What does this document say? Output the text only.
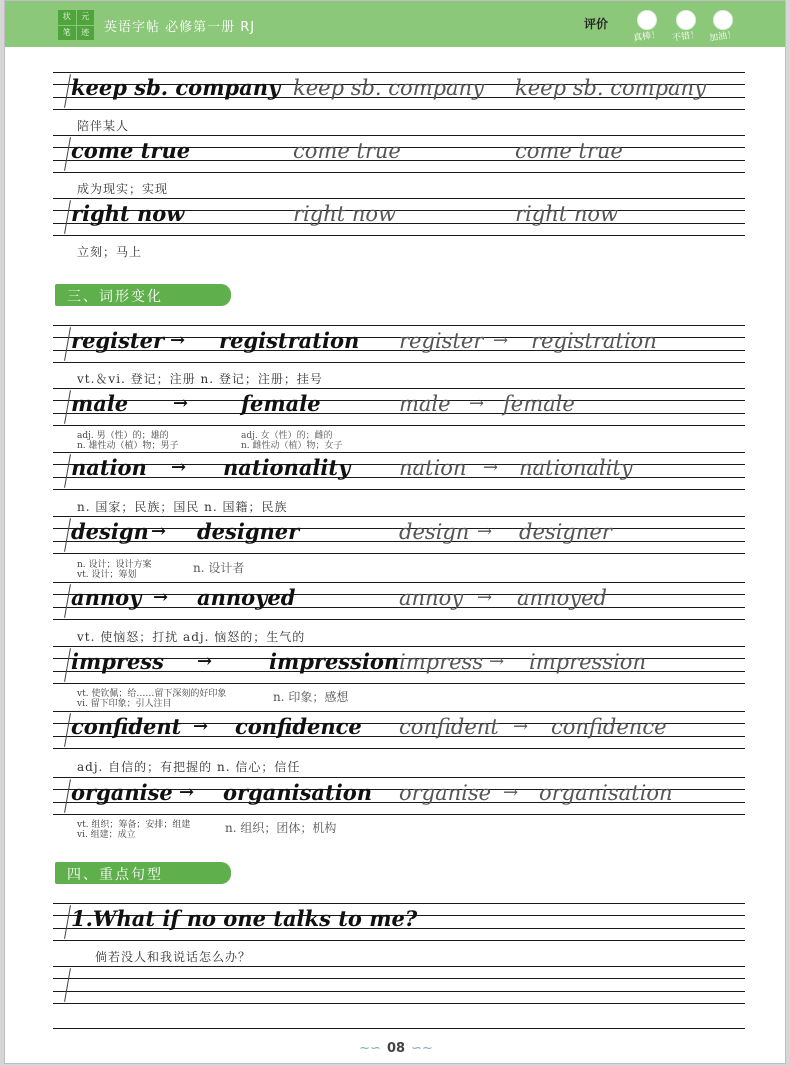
状	元
笔	迹	英语字帖 必修第一册 RJ	评价
真棒！ 不错！ 加油！
keep sb. company keep sb. company keep sb. company
陪伴某人
come true	come true	come true
成为现实；实现
right now	right now	right now
立刻；马上
三、词形变化
register → registration register → registration
vt.＆vi. 登记；注册 n. 登记；注册；挂号
male →	female	male → female
adj. 男（性）的；雄的
n. 雄性动（植）物；男子
adj. 女（性）的；雌的
n. 雌性动（植）物；女子
nation → nationality nation → nationality
n. 国家；民族；国民 n. 国籍；民族
design → designer	design → designer
n. 设计；设计方案
vt. 设计；筹划	n. 设计者
annoy → annoyed	annoy → annoyed
vt. 使恼怒；打扰 adj. 恼怒的；生气的
impress →	impression impress → impression
vt. 使钦佩；给……留下深刻的好印象
vi. 留下印象；引人注目	n. 印象；感想
confident → confidence confident → confidence
adj. 自信的；有把握的 n. 信心；信任
organise → organisation organise → organisation
vt. 组织；筹备；安排；组建
vi. 组建；成立	n. 组织；团体；机构
四、重点句型
1.What if no one talks to me?
倘若没人和我说话怎么办？
~∽ 08 ∽~
